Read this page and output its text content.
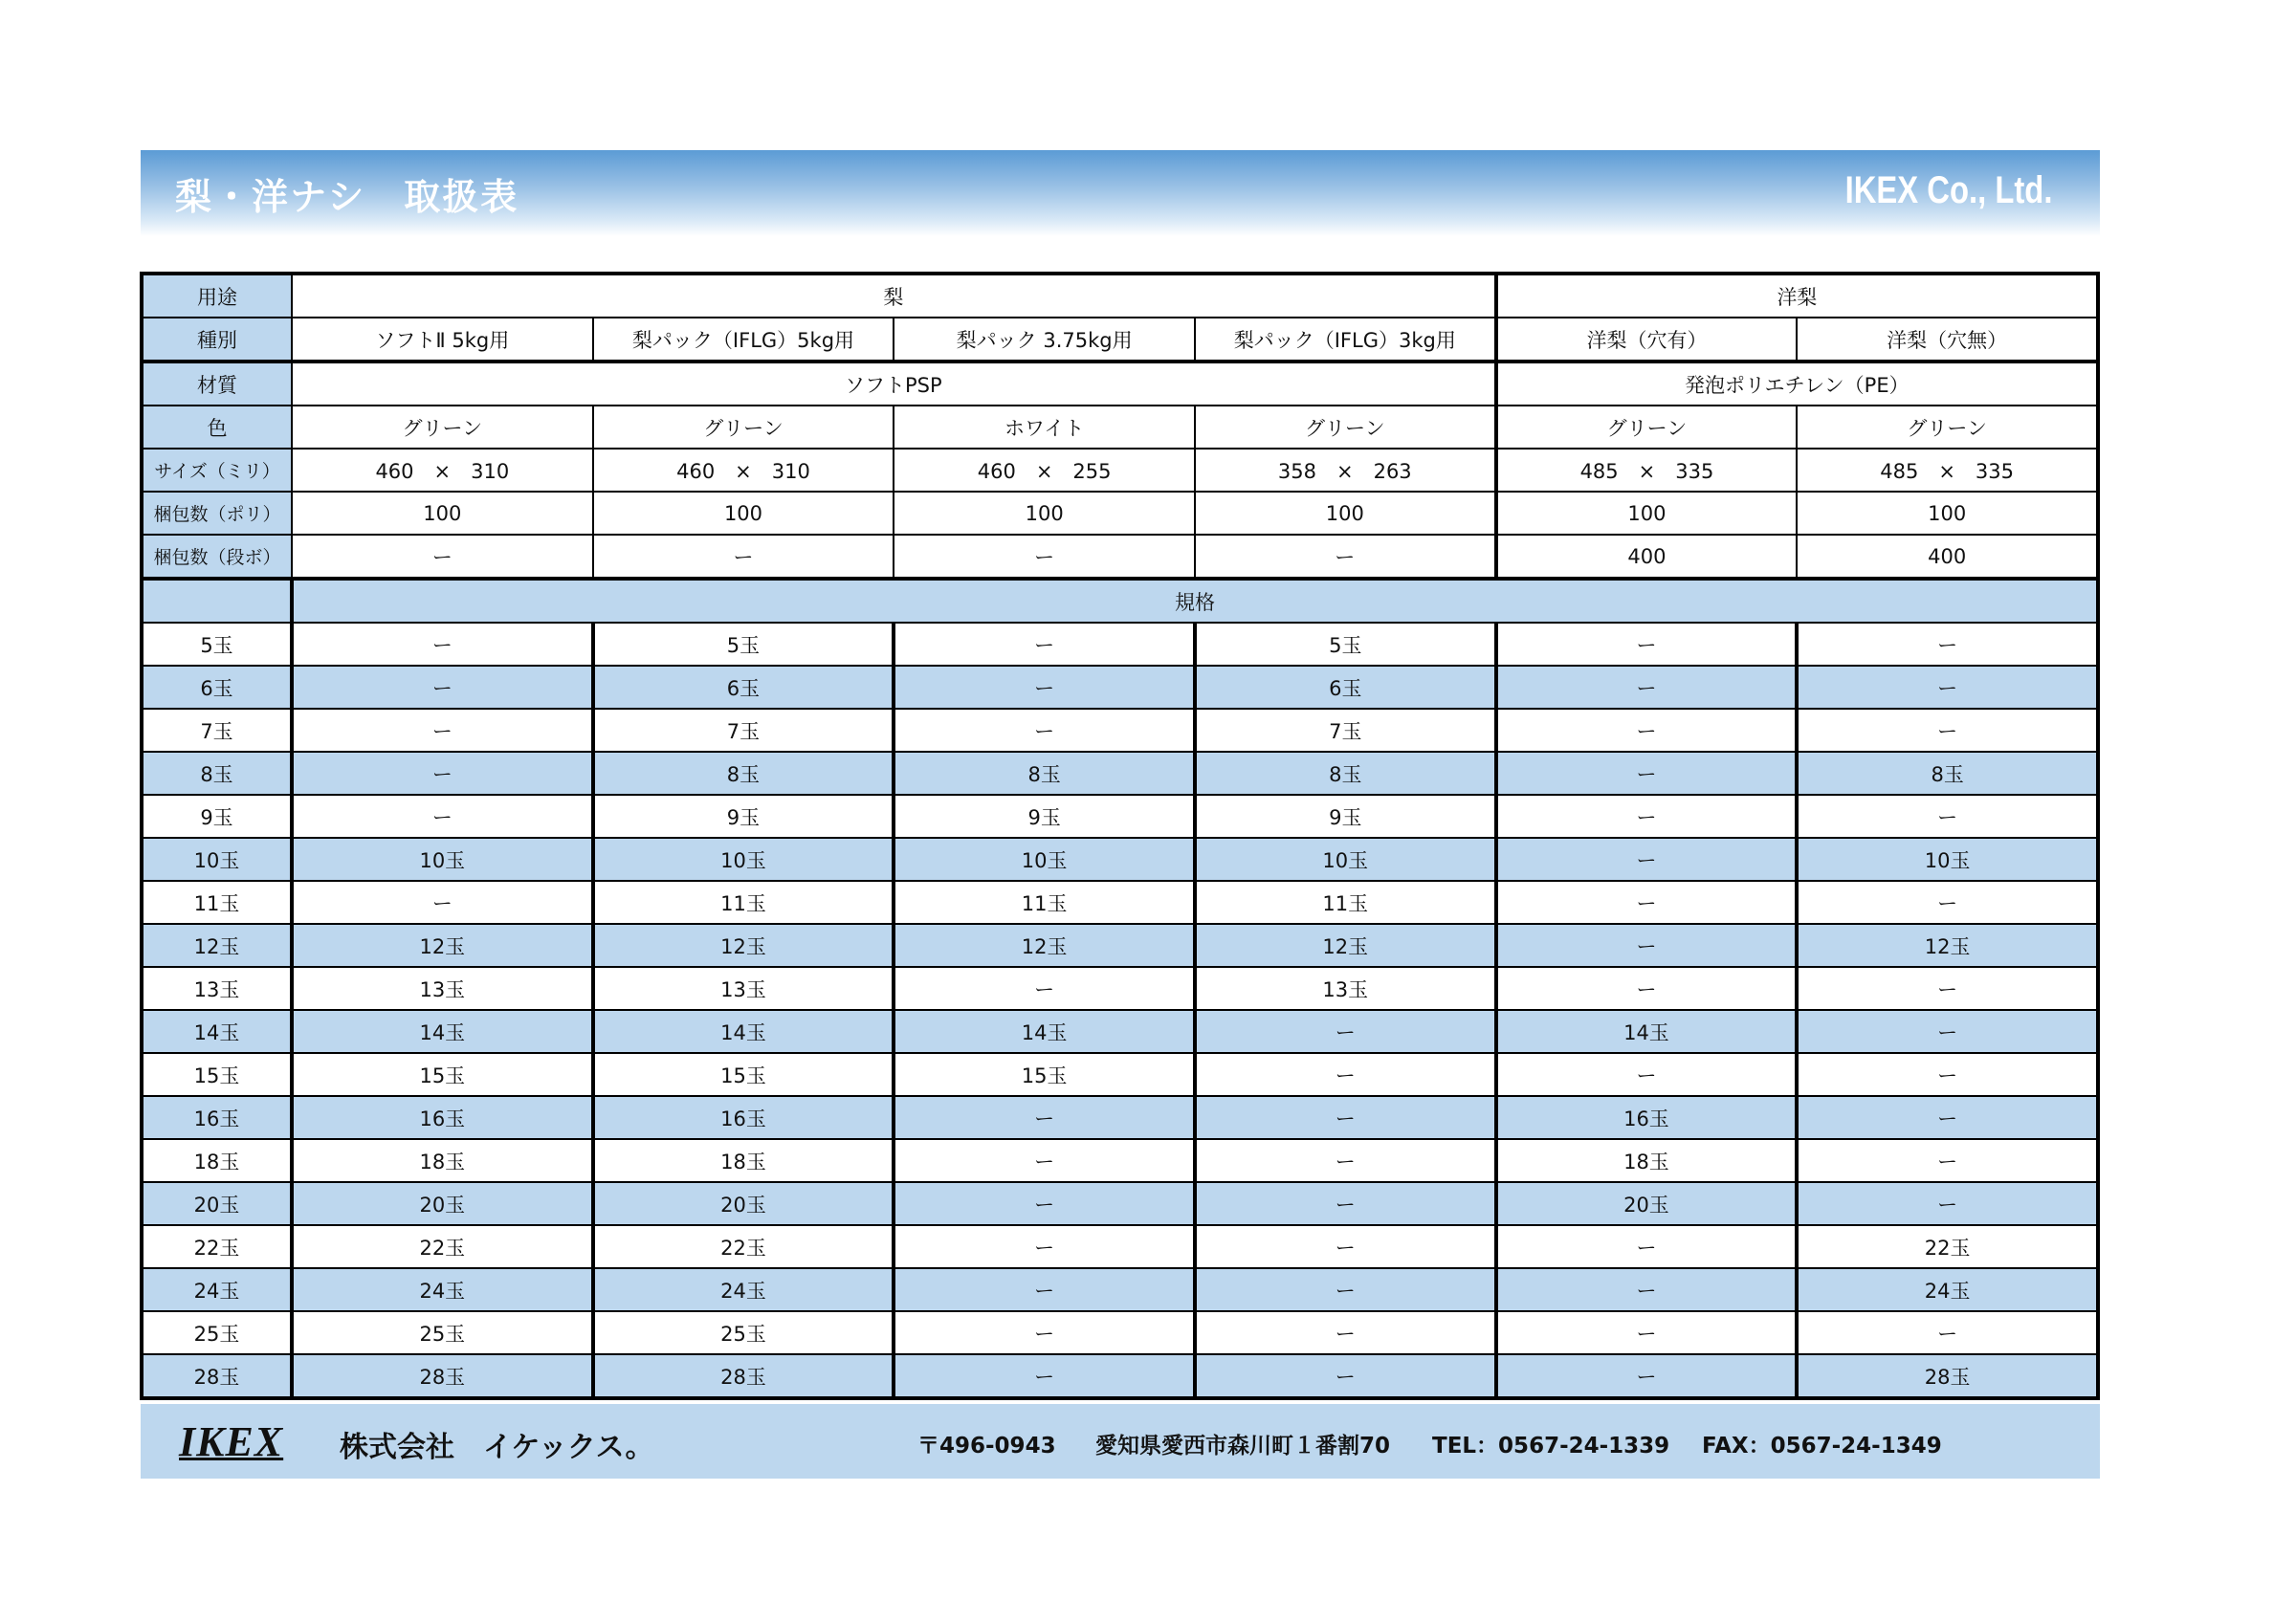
梨・洋ナシ　取扱表	IKEX Co., Ltd.
用途	梨				洋梨	
種別	ソフトⅡ 5kg用	梨パック（IFLG）5kg用	梨パック 3.75kg用	梨パック（IFLG）3kg用	洋梨（穴有）	洋梨（穴無）
材質	ソフトPSP				発泡ポリエチレン（PE）	
色	グリーン	グリーン	ホワイト	グリーン	グリーン	グリーン
サイズ（ミリ）	460　×　310	460　×　310	460　×　255	358　×　263	485　×　335	485　×　335
梱包数（ポリ）	100	100	100	100	100	100
梱包数（段ボ）	ー	ー	ー	ー	400	400
	規格					
5玉	ー	5玉	ー	5玉	ー	ー
6玉	ー	6玉	ー	6玉	ー	ー
7玉	ー	7玉	ー	7玉	ー	ー
8玉	ー	8玉	8玉	8玉	ー	8玉
9玉	ー	9玉	9玉	9玉	ー	ー
10玉	10玉	10玉	10玉	10玉	ー	10玉
11玉	ー	11玉	11玉	11玉	ー	ー
12玉	12玉	12玉	12玉	12玉	ー	12玉
13玉	13玉	13玉	ー	13玉	ー	ー
14玉	14玉	14玉	14玉	ー	14玉	ー
15玉	15玉	15玉	15玉	ー	ー	ー
16玉	16玉	16玉	ー	ー	16玉	ー
18玉	18玉	18玉	ー	ー	18玉	ー
20玉	20玉	20玉	ー	ー	20玉	ー
22玉	22玉	22玉	ー	ー	ー	22玉
24玉	24玉	24玉	ー	ー	ー	24玉
25玉	25玉	25玉	ー	ー	ー	ー
28玉	28玉	28玉	ー	ー	ー	28玉
IKEX 株式会社　イケックス。	〒496-0943 愛知県愛西市森川町１番割70 TEL：0567-24-1339 FAX：0567-24-1349
